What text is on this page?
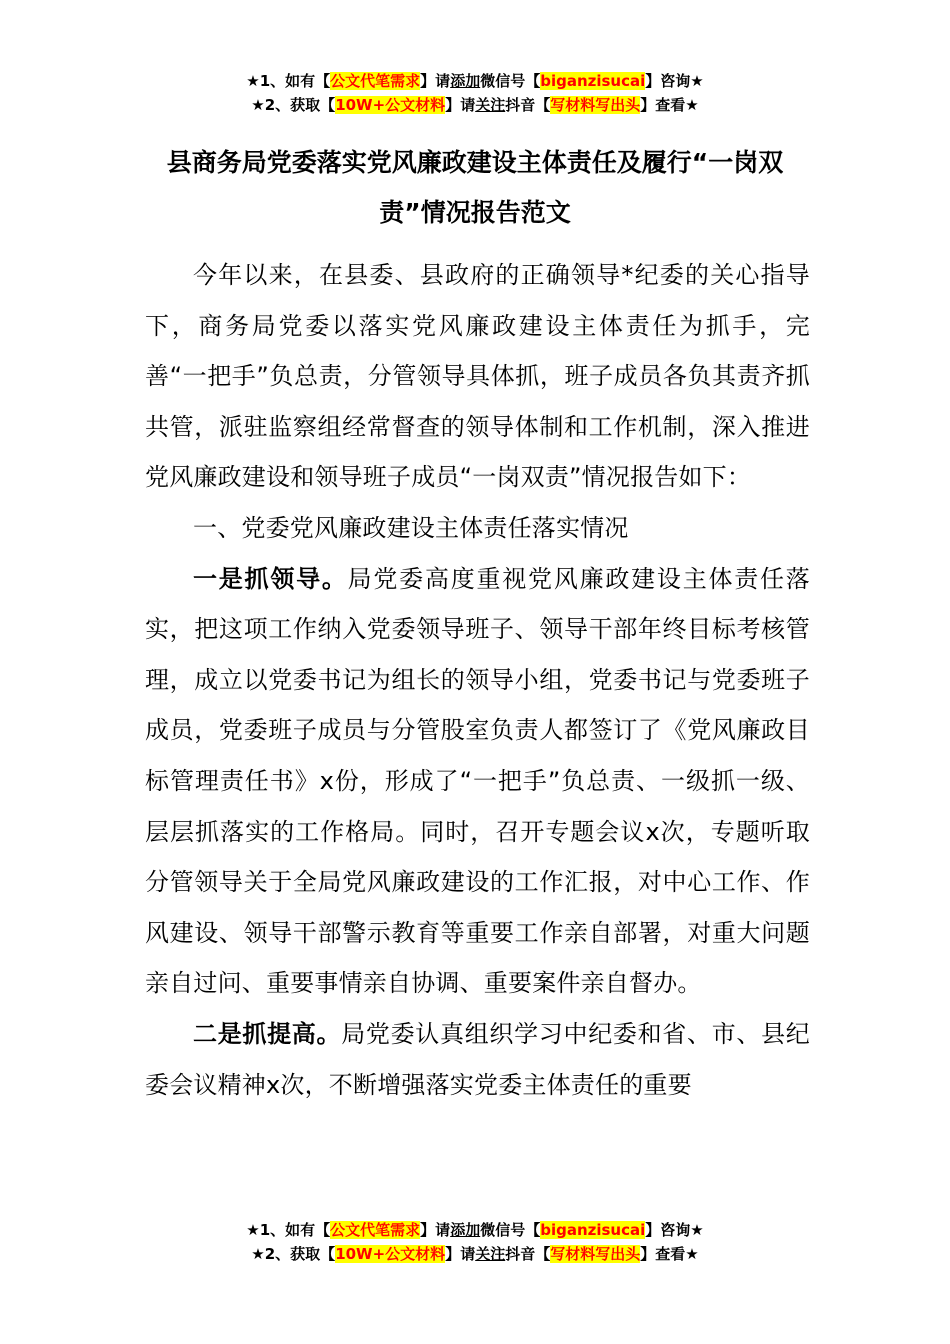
★1、如有【公文代笔需求】请添加微信号【biganzisucai】咨询★
★2、获取【10W+公文材料】请关注抖音【写材料写出头】查看★
县商务局党委落实党风廉政建设主体责任及履行“一岗双责”情况报告范文

今年以来，在县委、县政府的正确领导*纪委的关心指导下，商务局党委以落实党风廉政建设主体责任为抓手，完善“一把手”负总责，分管领导具体抓，班子成员各负其责齐抓共管，派驻监察组经常督查的领导体制和工作机制，深入推进党风廉政建设和领导班子成员“一岗双责”情况报告如下：

一、党委党风廉政建设主体责任落实情况

一是抓领导。局党委高度重视党风廉政建设主体责任落实，把这项工作纳入党委领导班子、领导干部年终目标考核管理，成立以党委书记为组长的领导小组，党委书记与党委班子成员，党委班子成员与分管股室负责人都签订了《党风廉政目标管理责任书》x份，形成了“一把手”负总责、一级抓一级、层层抓落实的工作格局。同时，召开专题会议x次，专题听取分管领导关于全局党风廉政建设的工作汇报，对中心工作、作风建设、领导干部警示教育等重要工作亲自部署，对重大问题亲自过问、重要事情亲自协调、重要案件亲自督办。

二是抓提高。局党委认真组织学习中纪委和省、市、县纪委会议精神x次，不断增强落实党委主体责任的重要

★1、如有【公文代笔需求】请添加微信号【biganzisucai】咨询★
★2、获取【10W+公文材料】请关注抖音【写材料写出头】查看★
